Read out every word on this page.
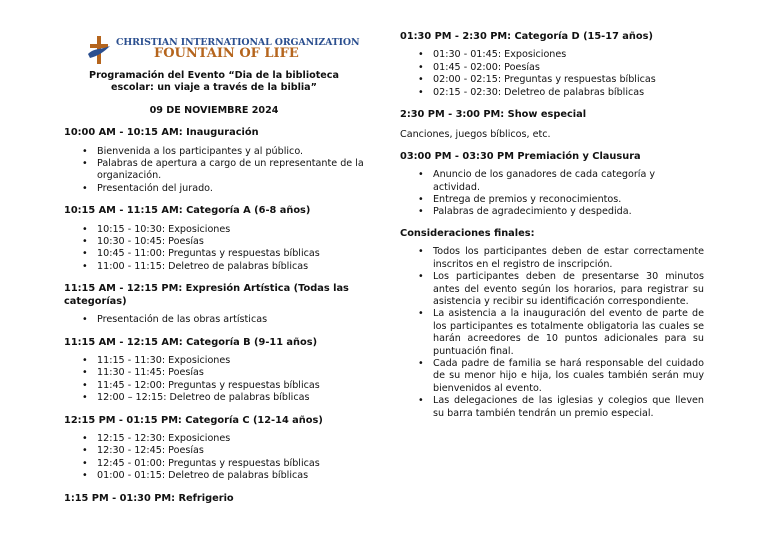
CHRISTIAN INTERNATIONAL ORGANIZATION
FOUNTAIN OF LIFE
Programación del Evento “Dia de la biblioteca escolar: un viaje a través de la biblia”
09 DE NOVIEMBRE 2024
10:00 AM - 10:15 AM: Inauguración
• Bienvenida a los participantes y al público.
• Palabras de apertura a cargo de un representante de la organización.
• Presentación del jurado.
10:15 AM - 11:15 AM: Categoría A (6-8 años)
• 10:15 - 10:30: Exposiciones
• 10:30 - 10:45: Poesías
• 10:45 - 11:00: Preguntas y respuestas bíblicas
• 11:00 - 11:15: Deletreo de palabras bíblicas
11:15 AM - 12:15 PM: Expresión Artística (Todas las categorías)
• Presentación de las obras artísticas
11:15 AM - 12:15 AM: Categoría B (9-11 años)
• 11:15 - 11:30: Exposiciones
• 11:30 - 11:45: Poesías
• 11:45 - 12:00: Preguntas y respuestas bíblicas
• 12:00 – 12:15: Deletreo de palabras bíblicas
12:15 PM - 01:15 PM: Categoría C (12-14 años)
• 12:15 - 12:30: Exposiciones
• 12:30 - 12:45: Poesías
• 12:45 - 01:00: Preguntas y respuestas bíblicas
• 01:00 - 01:15: Deletreo de palabras bíblicas
1:15 PM - 01:30 PM: Refrigerio
01:30 PM - 2:30 PM: Categoría D (15-17 años)
• 01:30 - 01:45: Exposiciones
• 01:45 - 02:00: Poesías
• 02:00 - 02:15: Preguntas y respuestas bíblicas
• 02:15 - 02:30: Deletreo de palabras bíblicas
2:30 PM - 3:00 PM: Show especial
Canciones, juegos bíblicos, etc.
03:00 PM - 03:30 PM Premiación y Clausura
• Anuncio de los ganadores de cada categoría y actividad.
• Entrega de premios y reconocimientos.
• Palabras de agradecimiento y despedida.
Consideraciones finales:
• Todos los participantes deben de estar correctamente inscritos en el registro de inscripción.
• Los participantes deben de presentarse 30 minutos antes del evento según los horarios, para registrar su asistencia y recibir su identificación correspondiente.
• La asistencia a la inauguración del evento de parte de los participantes es totalmente obligatoria las cuales se harán acreedores de 10 puntos adicionales para su puntuación final.
• Cada padre de familia se hará responsable del cuidado de su menor hijo e hija, los cuales también serán muy bienvenidos al evento.
• Las delegaciones de las iglesias y colegios que lleven su barra también tendrán un premio especial.
